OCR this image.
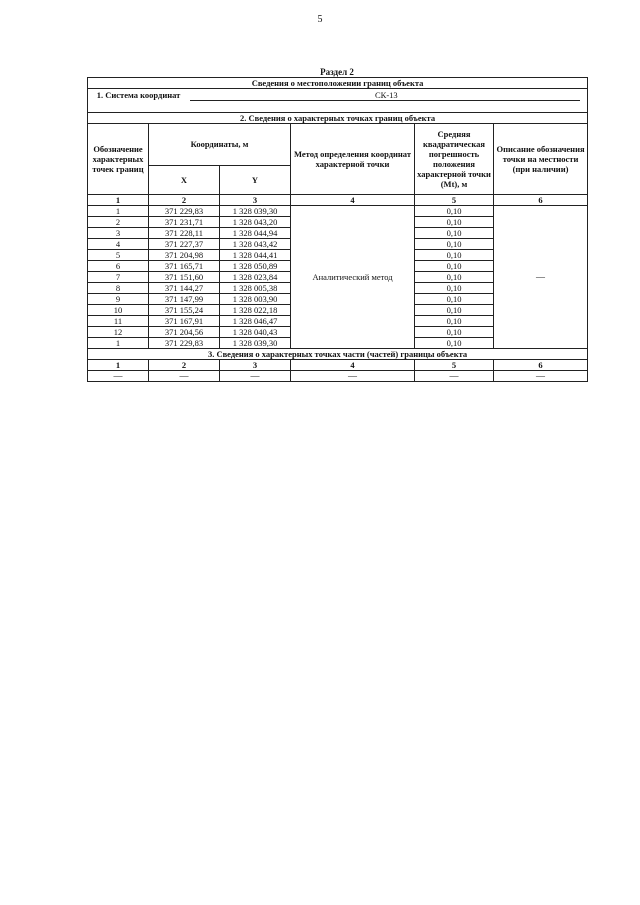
5
Раздел 2
Сведения о местоположении границ объекта					
1. Система координат СК-13					
2. Сведения о характерных точках границ объекта					
Обозначение характерных точек границ	Координаты, м		Метод определения координат характерной точки	Средняя квадратическая погрешность положения характерной точки (Mt), м	Описание обозначения точки на местности (при наличии)
	X	Y			
1	2	3	4	5	6
1	371 229,83	1 328 039,30	Аналитический метод	0,10	—
2	371 231,71	1 328 043,20		0,10	
3	371 228,11	1 328 044,94		0,10	
4	371 227,37	1 328 043,42		0,10	
5	371 204,98	1 328 044,41		0,10	
6	371 165,71	1 328 050,89		0,10	
7	371 151,60	1 328 023,84		0,10	
8	371 144,27	1 328 005,38		0,10	
9	371 147,99	1 328 003,90		0,10	
10	371 155,24	1 328 022,18		0,10	
11	371 167,91	1 328 046,47		0,10	
12	371 204,56	1 328 040,43		0,10	
1	371 229,83	1 328 039,30		0,10	
3. Сведения о характерных точках части (частей) границы объекта					
1	2	3	4	5	6
—	—	—	—	—	—
